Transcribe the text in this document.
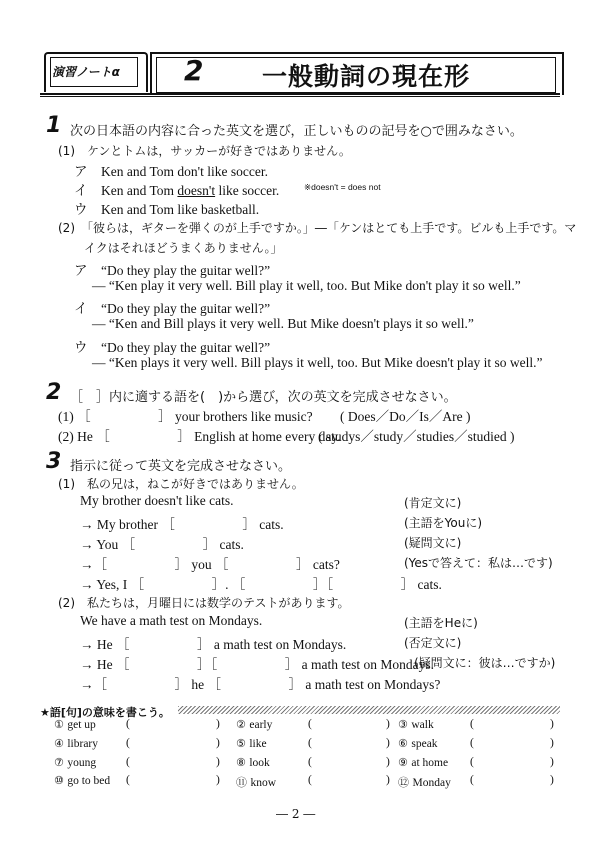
演習ノートα 2 一般動詞の現在形
1 次の日本語の内容に合った英文を選び，正しいものの記号を○で囲みなさい。
(1)　ケンとトムは，サッカーが好きではありません。
ア　Ken and Tom don't like soccer.
イ　Ken and Tom doesn't like soccer.	※doesn't = does not
ウ　Ken and Tom like basketball.
(2)　「彼らは，ギターを弾くのが上手ですか。」―「ケンはとても上手です。ビルも上手です。マ
イクはそれほどうまくありません。」
ア　“Do they play the guitar well?”
― “Ken play it very well. Bill play it well, too. But Mike don't play it so well.”
イ　“Do they play the guitar well?”
― “Ken and Bill plays it very well. But Mike doesn't plays it so well.”
ウ　“Do they play the guitar well?”
― “Ken plays it very well. Bill plays it well, too. But Mike doesn't play it so well.”
2 ［　］内に適する語を(　)から選び，次の英文を完成させなさい。
(1) ［　　　　　］ your brothers like music? ( Does／Do／Is／Are )
(2) He ［　　　　　］ English at home every day.
( studys／study／studies／studied )
3 指示に従って英文を完成させなさい。
(1)　私の兄は，ねこが好きではありません。
My brother doesn't like cats.	(肯定文に)
→ My brother ［　　　　　］ cats.	(主語をYouに)
→ You ［　　　　　］ cats.	(疑問文に)
→［　　　　　］ you ［　　　　　］ cats?	(Yesで答えて：私は…です)
→ Yes, I ［　　　　　］. ［　　　　　］［　　　　　］ cats.
(2)　私たちは，月曜日には数学のテストがあります。
We have a math test on Mondays.	(主語をHeに)
→ He ［　　　　　］ a math test on Mondays.	(否定文に)
→ He ［　　　　　］［　　　　　］ a math test on Mondays.
(疑問文に：彼は…ですか)
→［　　　　　］ he ［　　　　　］ a math test on Mondays?
★語[句]の意味を書こう。
① get up	(	) ② early	(	) ③ walk	(	)
④ library (	) ⑤ like	(	) ⑥ speak	(	)
⑦ young	(	) ⑧ look	(	) ⑨ at home (	)
⑩ go to bed (	) ⑪ know	(	) ⑫ Monday (	)
― 2 ―
